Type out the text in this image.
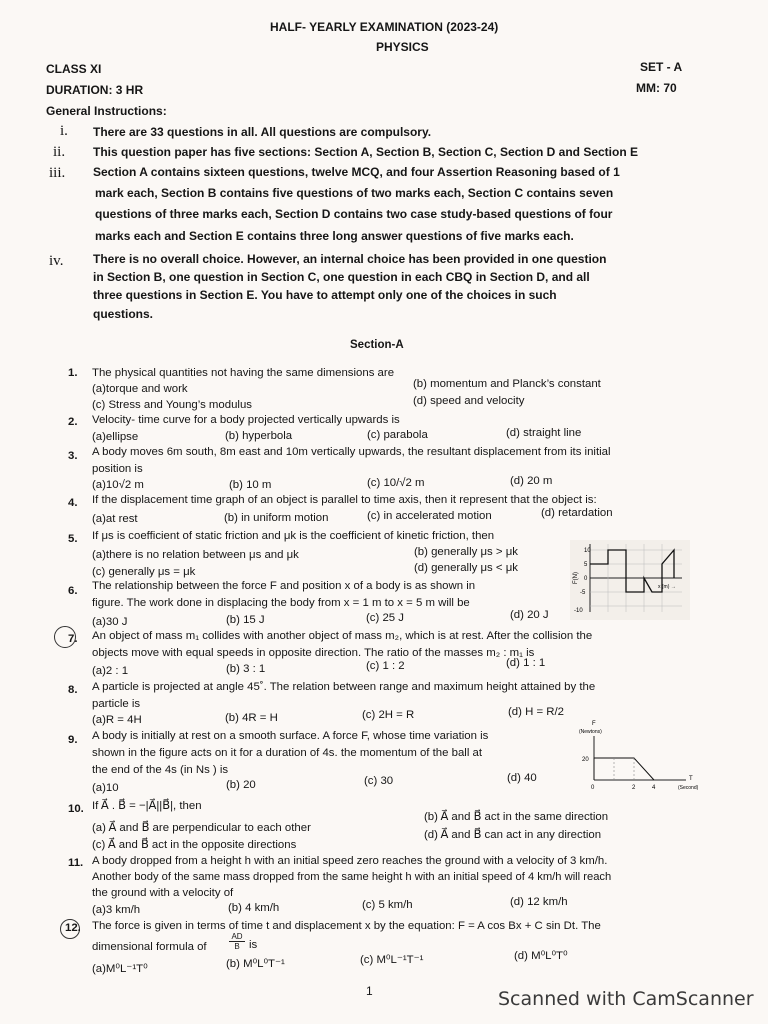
HALF- YEARLY EXAMINATION (2023-24)
PHYSICS
CLASS XI	SET - A
DURATION: 3 HR	MM: 70
General Instructions:
i. There are 33 questions in all. All questions are compulsory.
ii. This question paper has five sections: Section A, Section B, Section C, Section D and Section E
iii. Section A contains sixteen questions, twelve MCQ, and four Assertion Reasoning based of 1
mark each, Section B contains five questions of two marks each, Section C contains seven
questions of three marks each, Section D contains two case study-based questions of four
marks each and Section E contains three long answer questions of five marks each.
iv. There is no overall choice. However, an internal choice has been provided in one question
in Section B, one question in Section C, one question in each CBQ in Section D, and all
three questions in Section E. You have to attempt only one of the choices in such
questions.
Section-A
1. The physical quantities not having the same dimensions are
(a)torque and work	(b) momentum and Planck’s constant
(c) Stress and Young’s modulus	(d) speed and velocity
2. Velocity- time curve for a body projected vertically upwards is
(a)ellipse	(b) hyperbola	(c) parabola	(d) straight line
3. A body moves 6m south, 8m east and 10m vertically upwards, the resultant displacement from its initial
position is
(a)10√2 m	(b) 10 m	(c) 10/√2 m	(d) 20 m
4. If the displacement time graph of an object is parallel to time axis, then it represent that the object is:
(a)at rest	(b) in uniform motion	(c) in accelerated motion	(d) retardation
5. If μs is coefficient of static friction and μk is the coefficient of kinetic friction, then
(a)there is no relation between μs and μk	(b) generally μs > μk
(c) generally μs = μk	(d) generally μs < μk
6. The relationship between the force F and position x of a body is as shown in
figure. The work done in displacing the body from x = 1 m to x = 5 m will be
(a)30 J	(b) 15 J	(c) 25 J	(d) 20 J
10
5
0
-5
-10
F(N)
x (m) →
7. An object of mass m₁ collides with another object of mass m₂, which is at rest. After the collision the
objects move with equal speeds in opposite direction. The ratio of the masses m₂ : m₁ is
(a)2 : 1	(b) 3 : 1	(c) 1 : 2	(d) 1 : 1
8. A particle is projected at angle 45˚. The relation between range and maximum height attained by the
particle is
(a)R = 4H	(b) 4R = H	(c) 2H = R	(d) H = R/2
9. A body is initially at rest on a smooth surface. A force F, whose time variation is
shown in the figure acts on it for a duration of 4s. the momentum of the ball at
the end of the 4s (in Ns ) is
(a)10	(b) 20	(c) 30	(d) 40
F
(Newtons)
20
0	2	4
T
(Second)
10. If A⃗ . B⃗ = −|A⃗||B⃗|, then
(a) A⃗ and B⃗ are perpendicular to each other
(b) A⃗ and B⃗ act in the same direction
(c) A⃗ and B⃗ act in the opposite directions
(d) A⃗ and B⃗ can act in any direction
11. A body dropped from a height h with an initial speed zero reaches the ground with a velocity of 3 km/h.
Another body of the same mass dropped from the same height h with an initial speed of 4 km/h will reach
the ground with a velocity of
(a)3 km/h	(b) 4 km/h	(c) 5 km/h	(d) 12 km/h
12. The force is given in terms of time t and displacement x by the equation: F = A cos Bx + C sin Dt. The
dimensional formula of	$\frac{AD}{B}$ is
(a)M⁰L⁻¹T⁰	(b) M⁰L⁰T⁻¹	(c) M⁰L⁻¹T⁻¹	(d) M⁰L⁰T⁰
1	Scanned with CamScanner
